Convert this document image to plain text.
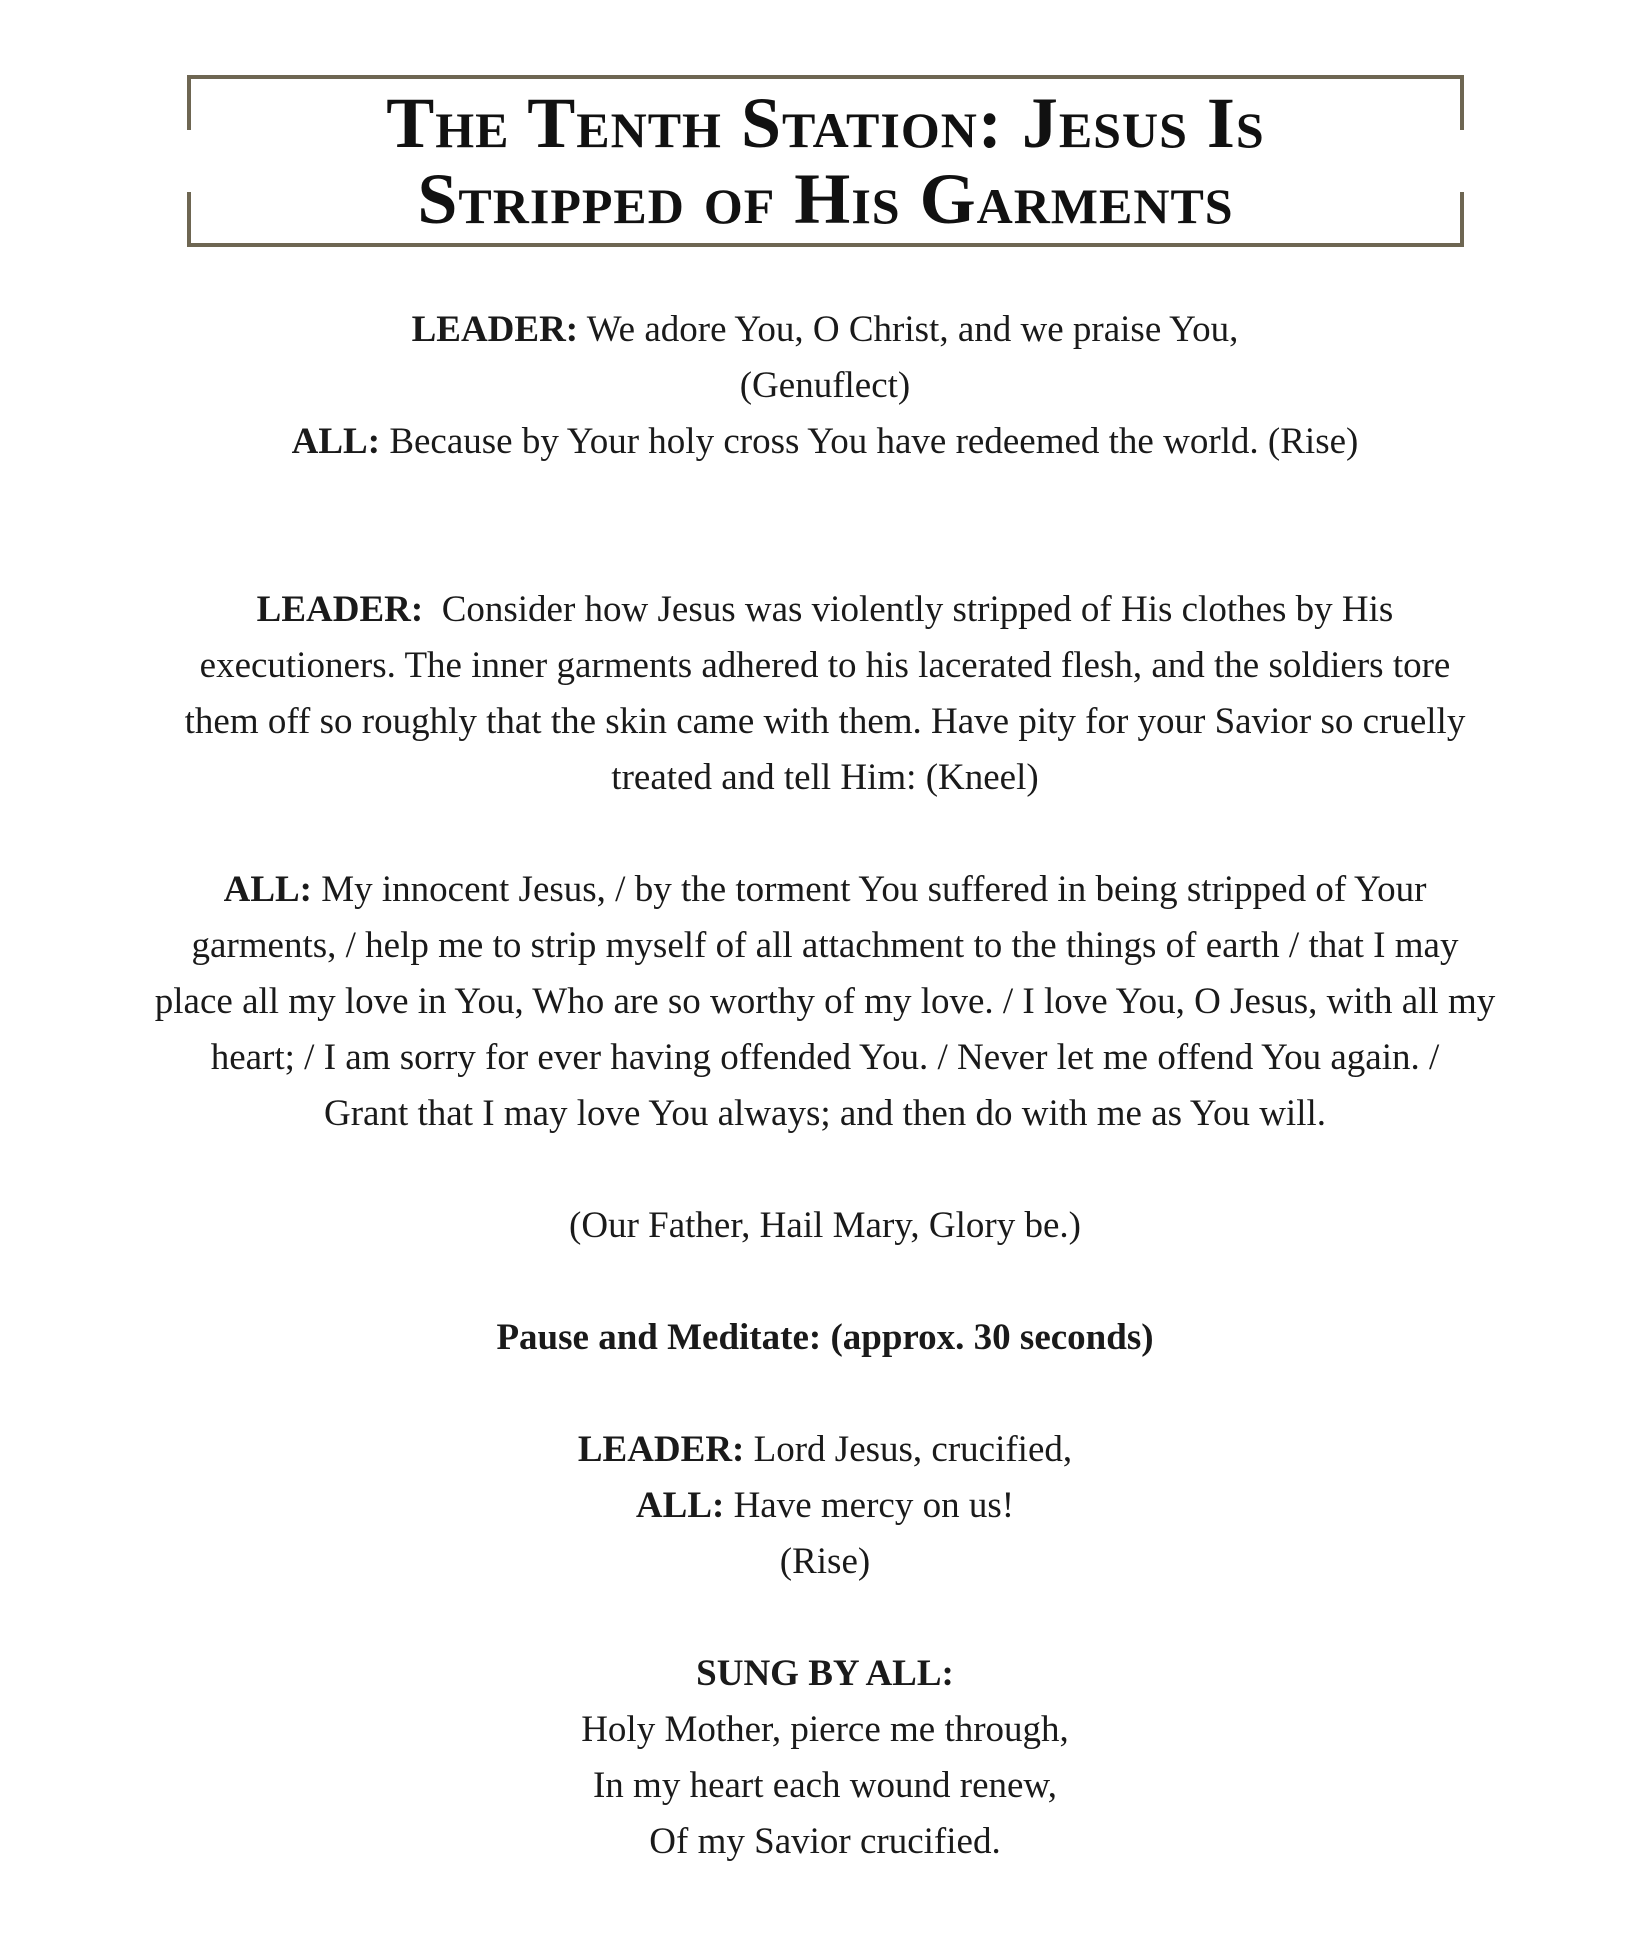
The Tenth Station: Jesus Is
Stripped of His Garments

LEADER: We adore You, O Christ, and we praise You,

(Genuflect)

ALL: Because by Your holy cross You have redeemed the world. (Rise)

LEADER:  Consider how Jesus was violently stripped of His clothes by His

executioners. The inner garments adhered to his lacerated flesh, and the soldiers tore

them off so roughly that the skin came with them. Have pity for your Savior so cruelly

treated and tell Him: (Kneel)

ALL: My innocent Jesus, / by the torment You suffered in being stripped of Your

garments, / help me to strip myself of all attachment to the things of earth / that I may

place all my love in You, Who are so worthy of my love. / I love You, O Jesus, with all my

heart; / I am sorry for ever having offended You. / Never let me offend You again. /

Grant that I may love You always; and then do with me as You will.

(Our Father, Hail Mary, Glory be.)

Pause and Meditate: (approx. 30 seconds)

LEADER: Lord Jesus, crucified,

ALL: Have mercy on us!

(Rise)

SUNG BY ALL:

Holy Mother, pierce me through,

In my heart each wound renew,

Of my Savior crucified.
